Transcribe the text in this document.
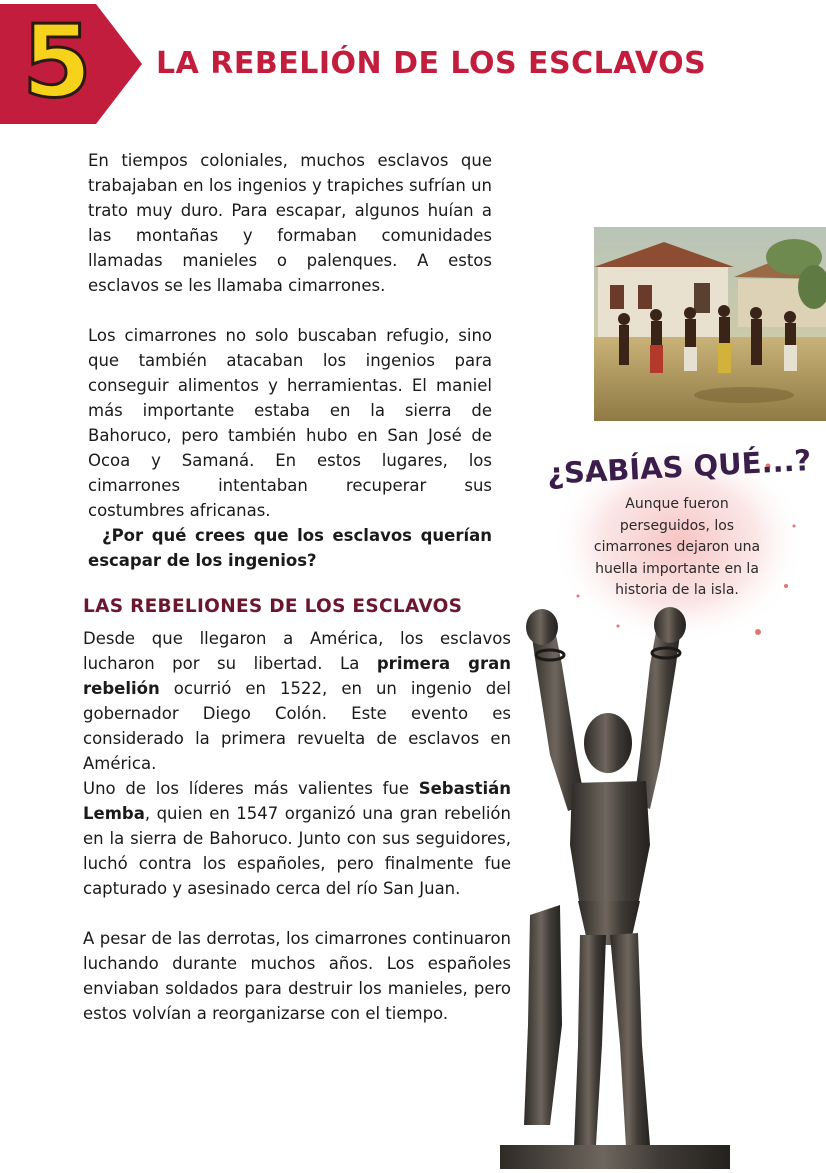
5 LA REBELIÓN DE LOS ESCLAVOS

En tiempos coloniales, muchos esclavos que trabajaban en los ingenios y trapiches sufrían un trato muy duro. Para escapar, algunos huían a las montañas y formaban comunidades llamadas manieles o palenques. A estos esclavos se les llamaba cimarrones.

Los cimarrones no solo buscaban refugio, sino que también atacaban los ingenios para conseguir alimentos y herramientas. El maniel más importante estaba en la sierra de Bahoruco, pero también hubo en San José de Ocoa y Samaná. En estos lugares, los cimarrones intentaban recuperar sus costumbres africanas.

¿Por qué crees que los esclavos querían escapar de los ingenios?

LAS REBELIONES DE LOS ESCLAVOS

Desde que llegaron a América, los esclavos lucharon por su libertad. La primera gran rebelión ocurrió en 1522, en un ingenio del gobernador Diego Colón. Este evento es considerado la primera revuelta de esclavos en América.

Uno de los líderes más valientes fue Sebastián Lemba, quien en 1547 organizó una gran rebelión en la sierra de Bahoruco. Junto con sus seguidores, luchó contra los españoles, pero finalmente fue capturado y asesinado cerca del río San Juan.

A pesar de las derrotas, los cimarrones continuaron luchando durante muchos años. Los españoles enviaban soldados para destruir los manieles, pero estos volvían a reorganizarse con el tiempo.

¿SABÍAS QUÉ...?

Aunque fueron perseguidos, los cimarrones dejaron una huella importante en la historia de la isla.
